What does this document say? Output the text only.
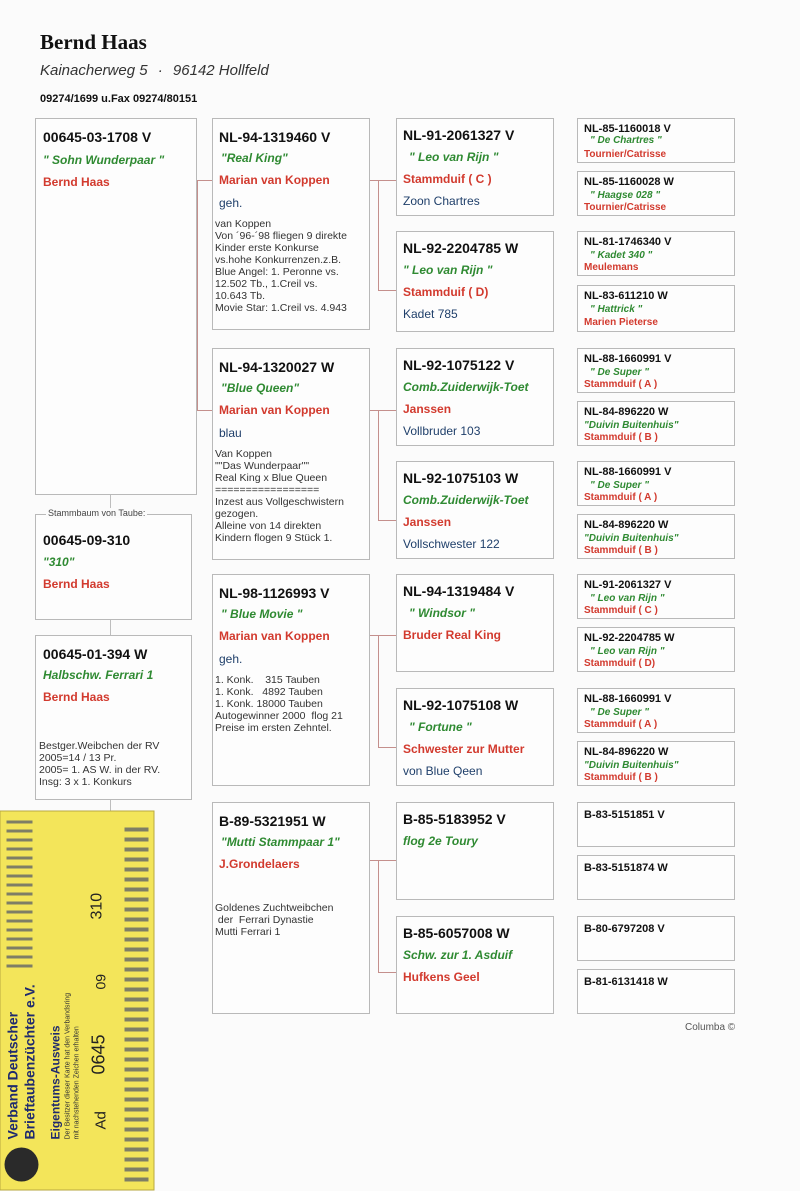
Bernd Haas
Kainacherweg 5 · 96142 Hollfeld
09274/1699 u.Fax 09274/80151
00645-03-1708 V
" Sohn Wunderpaar "
Bernd Haas
Stammbaum von Taube:
00645-09-310
"310"
Bernd Haas
00645-01-394 W
Halbschw. Ferrari 1
Bernd Haas
Bestger.Weibchen der RV
2005=14 / 13 Pr.
2005= 1. AS W. in der RV.
Insg: 3 x 1. Konkurs
NL-94-1319460 V
"Real King"
Marian van Koppen
geh.
van Koppen
Von ´96-´98 fliegen 9 direkte
Kinder erste Konkurse
vs.hohe Konkurrenzen.z.B.
Blue Angel: 1. Peronne vs.
12.502 Tb., 1.Creil vs.
10.643 Tb.
Movie Star: 1.Creil vs. 4.943
NL-94-1320027 W
"Blue Queen"
Marian van Koppen
blau
Van Koppen
""Das Wunderpaar""
Real King x Blue Queen
=================
Inzest aus Vollgeschwistern
gezogen.
Alleine von 14 direkten
Kindern flogen 9 Stück 1.
NL-98-1126993 V
" Blue Movie "
Marian van Koppen
geh.
1. Konk.    315 Tauben
1. Konk.   4892 Tauben
1. Konk. 18000 Tauben
Autogewinner 2000  flog 21
Preise im ersten Zehntel.
B-89-5321951 W
"Mutti Stammpaar 1"
J.Grondelaers
Goldenes Zuchtweibchen
der  Ferrari Dynastie
Mutti Ferrari 1
NL-91-2061327 V
" Leo van Rijn "
Stammduif ( C )
Zoon Chartres
NL-92-2204785 W
" Leo van Rijn "
Stammduif ( D)
Kadet 785
NL-92-1075122 V
Comb.Zuiderwijk-Toet
Janssen
Vollbruder 103
NL-92-1075103 W
Comb.Zuiderwijk-Toet
Janssen
Vollschwester 122
NL-94-1319484 V
" Windsor "
Bruder Real King
NL-92-1075108 W
" Fortune "
Schwester zur Mutter
von Blue Qeen
B-85-5183952 V
flog 2e Toury
B-85-6057008 W
Schw. zur 1. Asduif
Hufkens Geel
NL-85-1160018 V
" De Chartres "
Tournier/Catrisse
NL-85-1160028 W
" Haagse 028 "
Tournier/Catrisse
NL-81-1746340 V
" Kadet 340 "
Meulemans
NL-83-611210 W
" Hattrick "
Marien Pieterse
NL-88-1660991 V
" De Super "
Stammduif ( A )
NL-84-896220 W
"Duivin Buitenhuis"
Stammduif ( B )
NL-88-1660991 V
" De Super "
Stammduif ( A )
NL-84-896220 W
"Duivin Buitenhuis"
Stammduif ( B )
NL-91-2061327 V
" Leo van Rijn "
Stammduif ( C )
NL-92-2204785 W
" Leo van Rijn "
Stammduif ( D)
NL-88-1660991 V
" De Super "
Stammduif ( A )
NL-84-896220 W
"Duivin Buitenhuis"
Stammduif ( B )
B-83-5151851 V
B-83-5151874 W
B-80-6797208 V
B-81-6131418 W
Columba ©
Verband Deutscher Brieftaubenzüchter e.V. Eigentums-Ausweis Der Besitzer dieser Karte hat den Verbandsring
mit nachstehenden Zeichen erhalten
Ad
0645
09
310
